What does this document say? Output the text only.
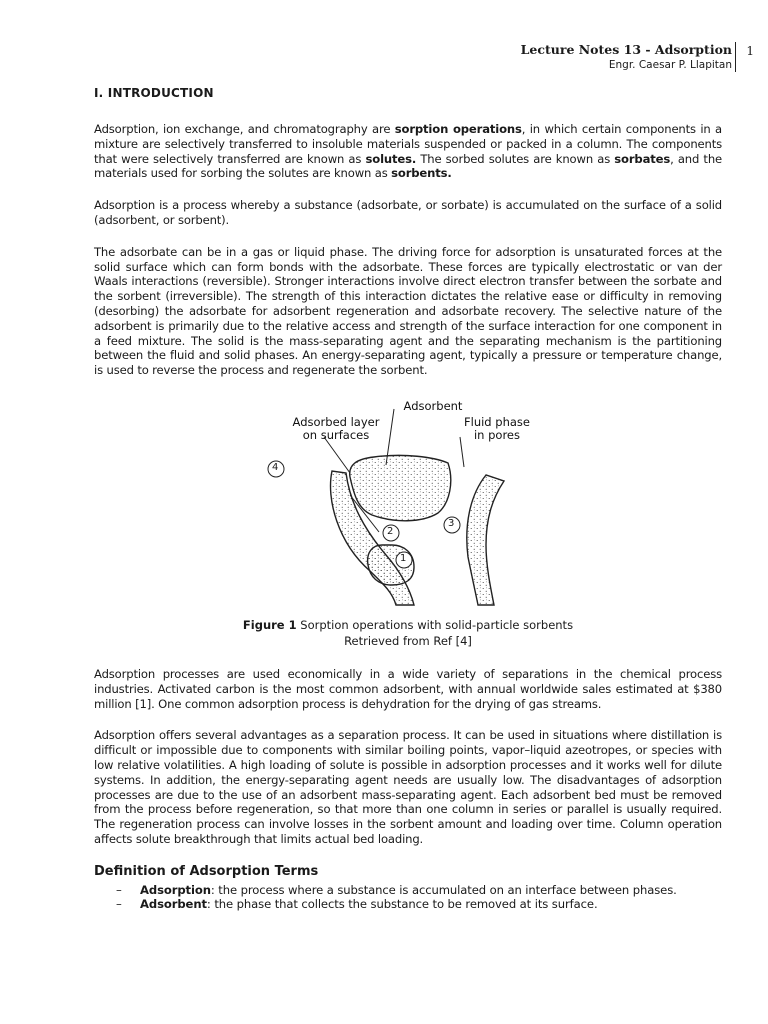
Lecture Notes 13 - Adsorption
Engr. Caesar P. Llapitan
1
I. INTRODUCTION

Adsorption, ion exchange, and chromatography are sorption operations, in which certain components in a mixture are selectively transferred to insoluble materials suspended or packed in a column. The components that were selectively transferred are known as solutes. The sorbed solutes are known as sorbates, and the materials used for sorbing the solutes are known as sorbents.

Adsorption is a process whereby a substance (adsorbate, or sorbate) is accumulated on the surface of a solid (adsorbent, or sorbent).

The adsorbate can be in a gas or liquid phase. The driving force for adsorption is unsaturated forces at the solid surface which can form bonds with the adsorbate. These forces are typically electrostatic or van der Waals interactions (reversible). Stronger interactions involve direct electron transfer between the sorbate and the sorbent (irreversible). The strength of this interaction dictates the relative ease or difficulty in removing (desorbing) the adsorbate for adsorbent regeneration and adsorbate recovery. The selective nature of the adsorbent is primarily due to the relative access and strength of the surface interaction for one component in a feed mixture. The solid is the mass-separating agent and the separating mechanism is the partitioning between the fluid and solid phases. An energy-separating agent, typically a pressure or temperature change, is used to reverse the process and regenerate the sorbent.

Adsorbent
Adsorbed layer
on surfaces
Fluid phase
in pores
1
2
3
4
Figure 1 Sorption operations with solid-particle sorbents
Retrieved from Ref [4]

Adsorption processes are used economically in a wide variety of separations in the chemical process industries. Activated carbon is the most common adsorbent, with annual worldwide sales estimated at $380 million [1]. One common adsorption process is dehydration for the drying of gas streams.

Adsorption offers several advantages as a separation process. It can be used in situations where distillation is difficult or impossible due to components with similar boiling points, vapor–liquid azeotropes, or species with low relative volatilities. A high loading of solute is possible in adsorption processes and it works well for dilute systems. In addition, the energy-separating agent needs are usually low. The disadvantages of adsorption processes are due to the use of an adsorbent mass-separating agent. Each adsorbent bed must be removed from the process before regeneration, so that more than one column in series or parallel is usually required. The regeneration process can involve losses in the sorbent amount and loading over time. Column operation affects solute breakthrough that limits actual bed loading.

Definition of Adsorption Terms
– Adsorption: the process where a substance is accumulated on an interface between phases.
– Adsorbent: the phase that collects the substance to be removed at its surface.
